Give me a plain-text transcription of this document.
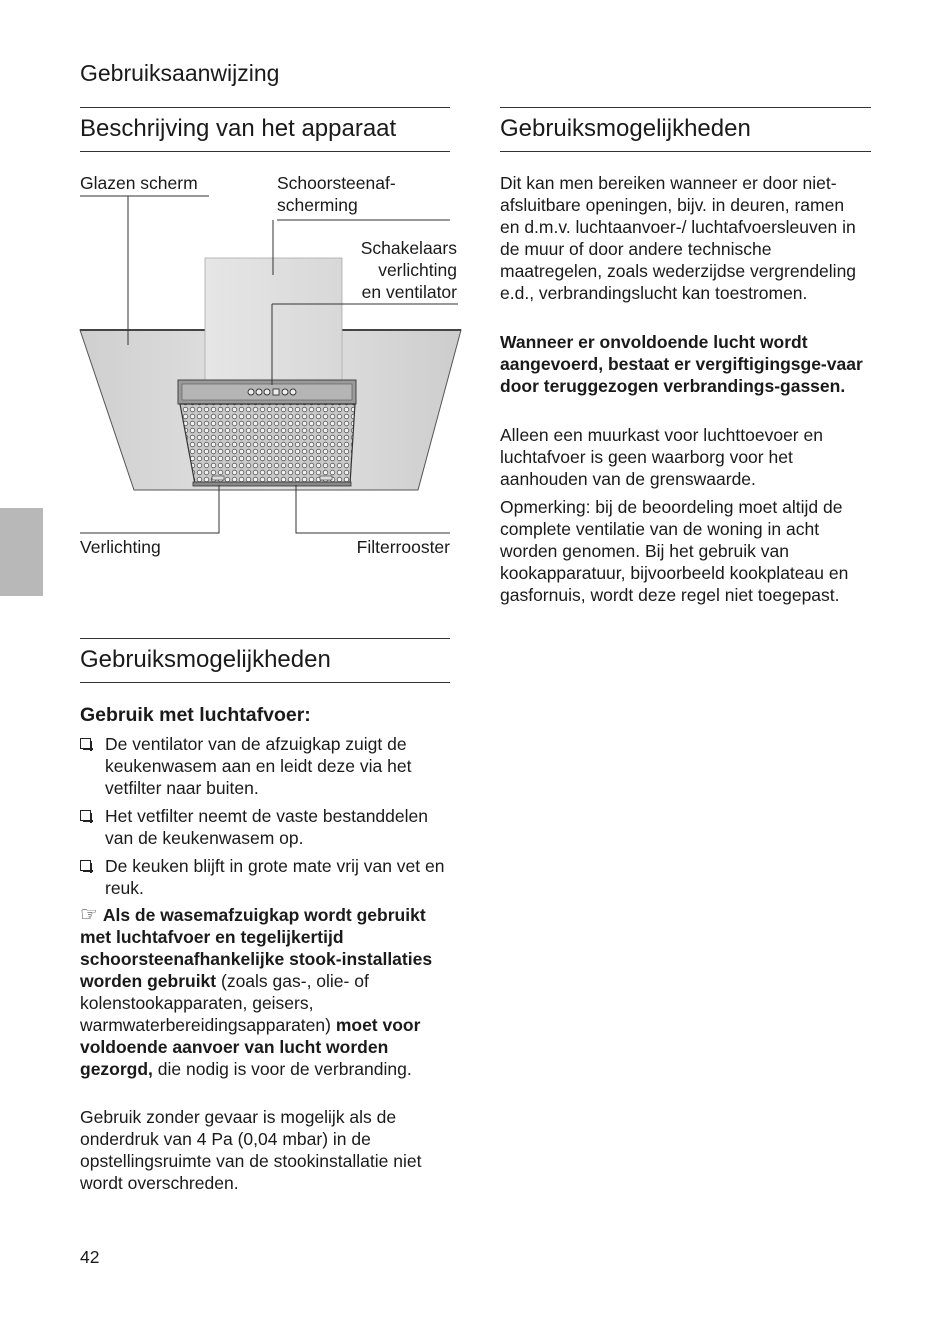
Gebruiksaanwijzing
Beschrijving van het apparaat
Glazen scherm	Schoorsteenaf-
scherming
Schakelaars
verlichting
en ventilator
Verlichting	Filterrooster
Gebruiksmogelijkheden
Gebruik met luchtafvoer:
De ventilator van de afzuigkap zuigt de keukenwasem aan en leidt deze via het vetfilter naar buiten.
Het vetfilter neemt de vaste bestanddelen van de keukenwasem op.
De keuken blijft in grote mate vrij van vet en reuk.

☞ Als de wasemafzuigkap wordt gebruikt met luchtafvoer en tegelijkertijd schoorsteenafhankelijke stook-installaties worden gebruikt (zoals gas-, olie- of kolenstookapparaten, geisers, warmwaterbereidingsapparaten) moet voor voldoende aanvoer van lucht worden gezorgd, die nodig is voor de verbranding.

Gebruik zonder gevaar is mogelijk als de onderdruk van 4 Pa (0,04 mbar) in de opstellingsruimte van de stookinstallatie niet wordt overschreden.

Gebruiksmogelijkheden

Dit kan men bereiken wanneer er door niet-afsluitbare openingen, bijv. in deuren, ramen en d.m.v. luchtaanvoer-/ luchtafvoersleuven in de muur of door andere technische maatregelen, zoals wederzijdse vergrendeling e.d., verbrandingslucht kan toestromen.

Wanneer er onvoldoende lucht wordt aangevoerd, bestaat er vergiftigingsge-vaar door teruggezogen verbrandings-gassen.

Alleen een muurkast voor luchttoevoer en luchtafvoer is geen waarborg voor het aanhouden van de grenswaarde.

Opmerking: bij de beoordeling moet altijd de complete ventilatie van de woning in acht worden genomen. Bij het gebruik van kookapparatuur, bijvoorbeeld kookplateau en gasfornuis, wordt deze regel niet toegepast.

42
